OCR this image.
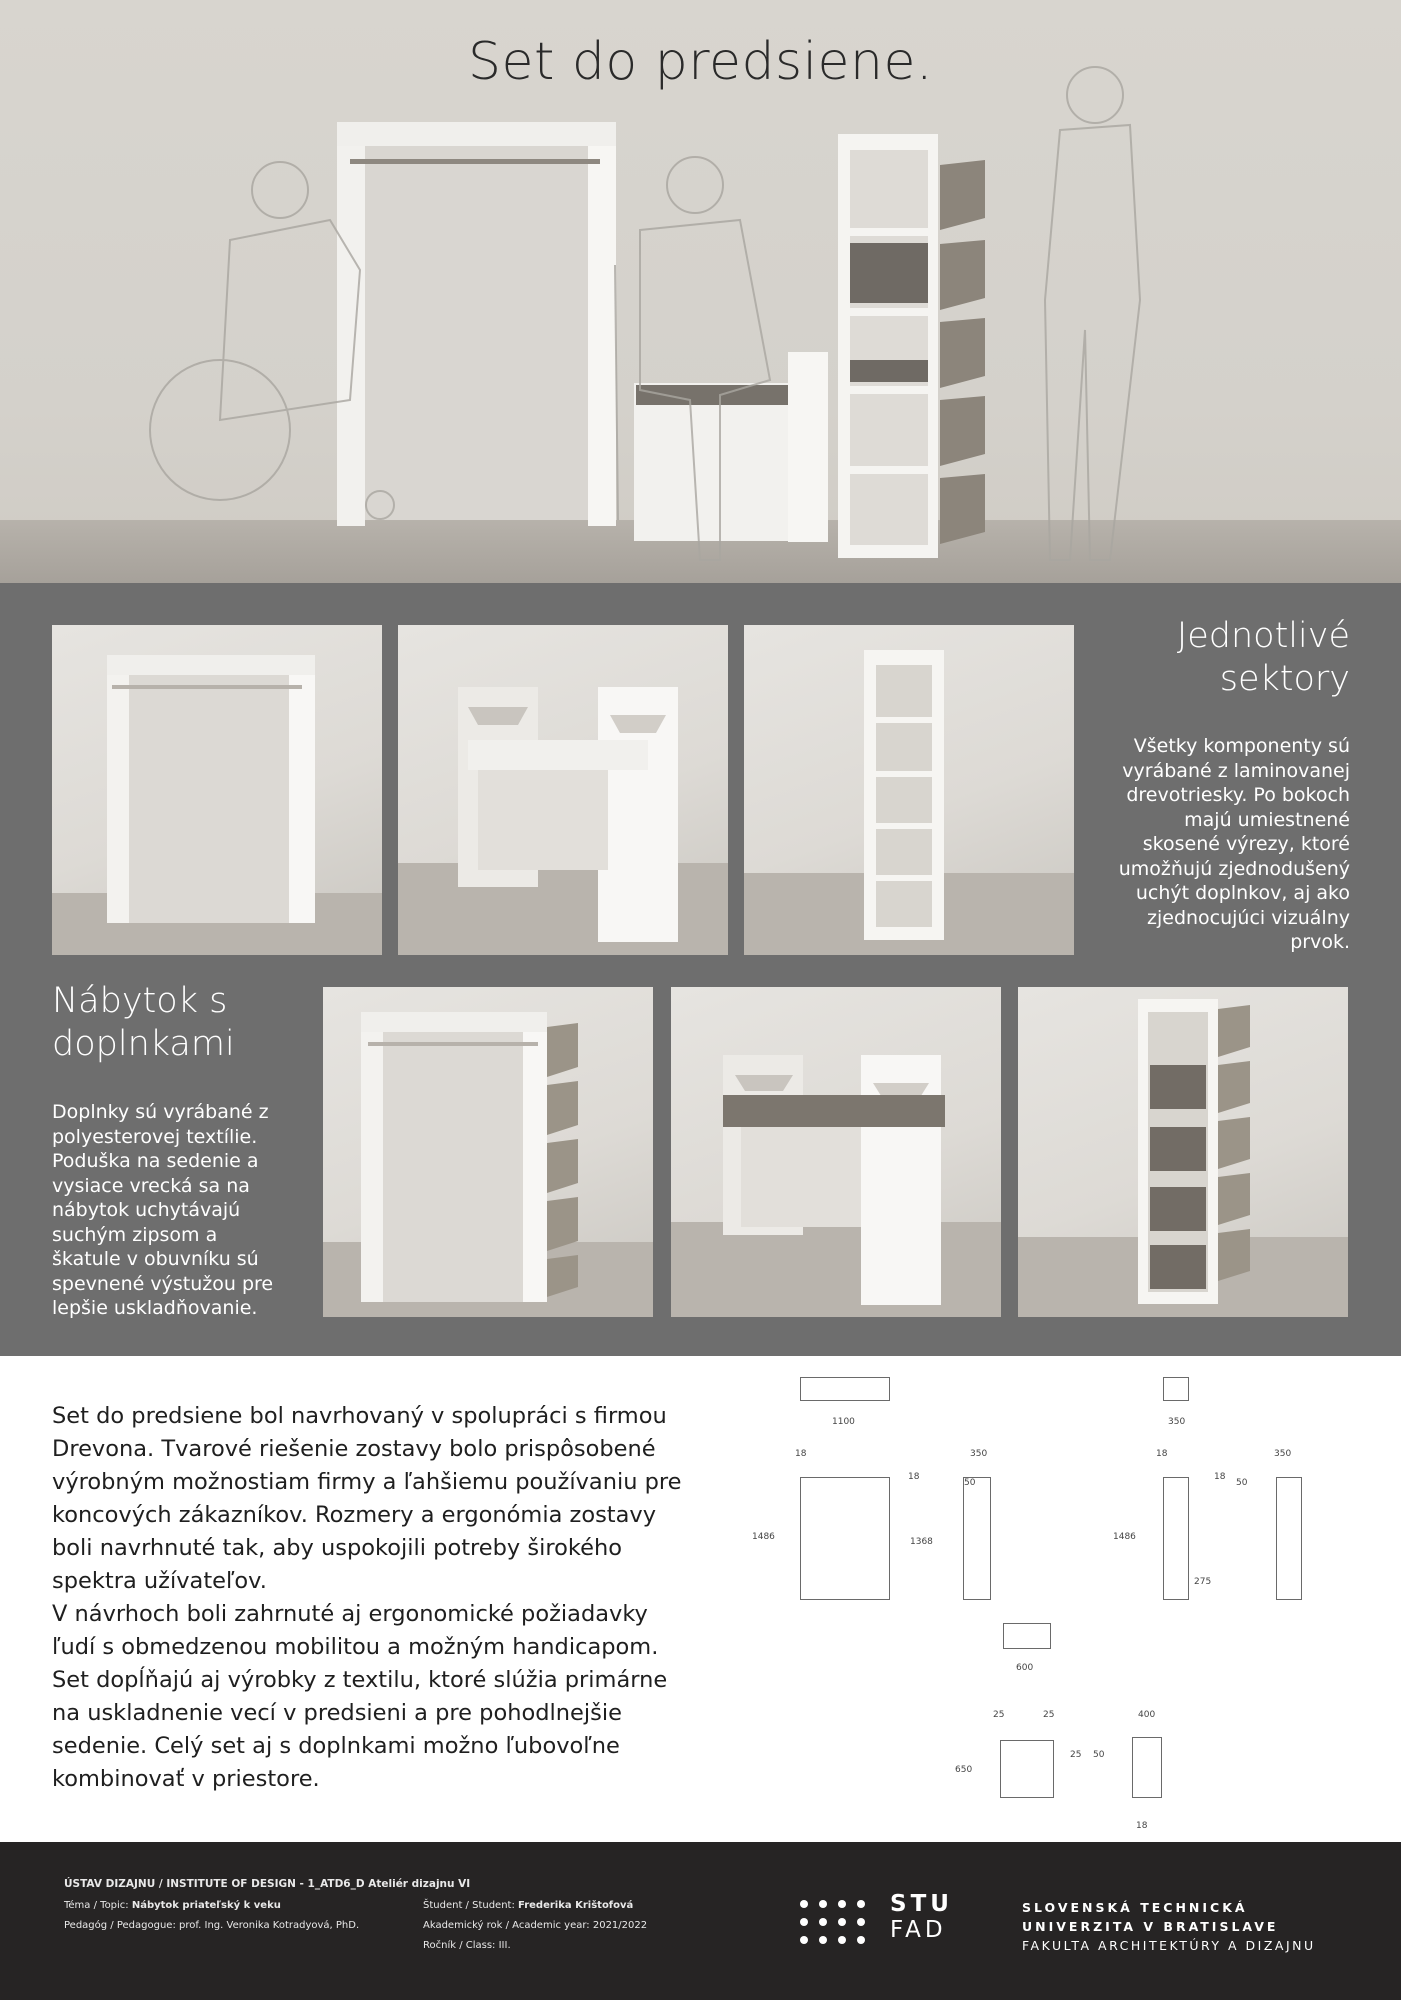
Set do predsiene.
Jednotlivé
sektory
Všetky komponenty sú
vyrábané z laminovanej
drevotriesky. Po bokoch
majú umiestnené
skosené výrezy, ktoré
umožňujú zjednodušený
uchýt doplnkov, aj ako
zjednocujúci vizuálny
prvok.
Nábytok s
doplnkami
Doplnky sú vyrábané z
polyesterovej textílie.
Poduška na sedenie a
vysiace vrecká sa na
nábytok uchytávajú
suchým zipsom a
škatule v obuvníku sú
spevnené výstužou pre
lepšie uskladňovanie.
Set do predsiene bol navrhovaný v spolupráci s firmou
Drevona. Tvarové riešenie zostavy bolo prispôsobené
výrobným možnostiam firmy a ľahšiemu používaniu pre
koncových zákazníkov. Rozmery a ergonómia zostavy
boli navrhnuté tak, aby uspokojili potreby širokého
spektra užívateľov.
V návrhoch boli zahrnuté aj ergonomické požiadavky
ľudí s obmedzenou mobilitou a možným handicapom.
Set dopĺňajú aj výrobky z textilu, ktoré slúžia primárne
na uskladnenie vecí v predsieni a pre pohodlnejšie
sedenie. Celý set aj s doplnkami možno ľubovoľne
kombinovať v priestore.
1100
18
18
1486	1368
350
50
350
18
18
1486
275
350
50
600
25	25
25
650
400
50
18
ÚSTAV DIZAJNU / INSTITUTE OF DESIGN - 1_ATD6_D Ateliér dizajnu VI
Téma / Topic: Nábytok priateľský k veku
Pedagóg / Pedagogue: prof. Ing. Veronika Kotradyová, PhD.
Študent / Student: Frederika Krištofová
Akademický rok / Academic year: 2021/2022
Ročník / Class: III.
STU
FAD
SLOVENSKÁ TECHNICKÁ
UNIVERZITA V BRATISLAVE
FAKULTA ARCHITEKTÚRY A DIZAJNU
